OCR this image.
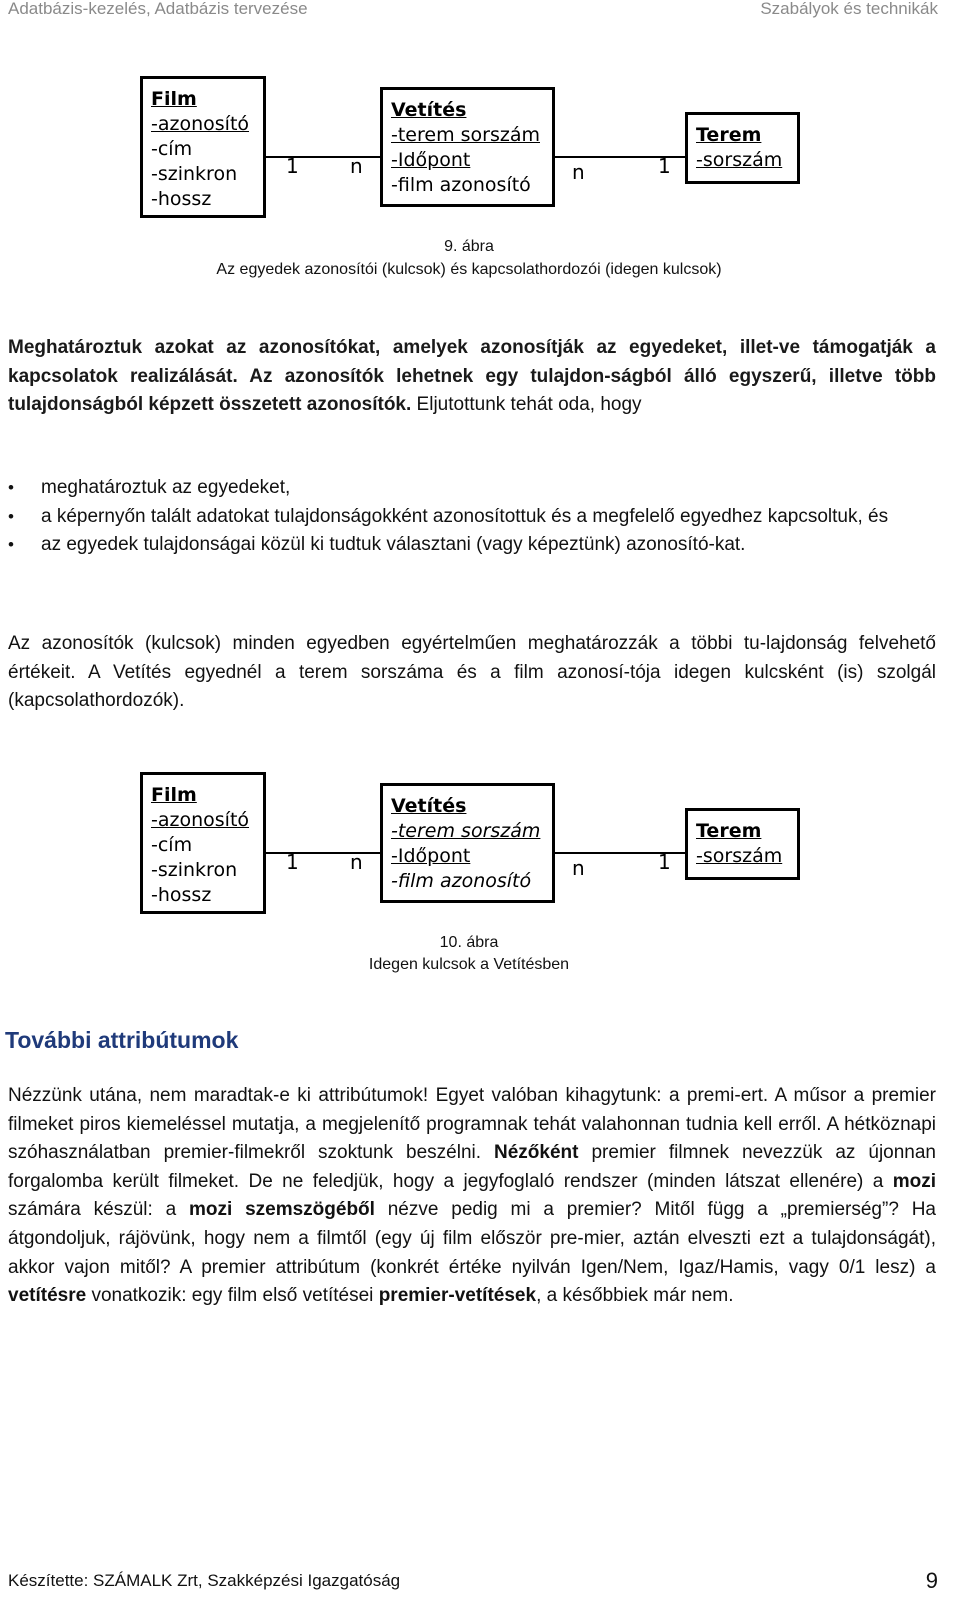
Adatbázis-kezelés, Adatbázis tervezése	Szabályok és technikák
Film
-azonosító
-cím
-szinkron
-hossz
1	n
Vetítés
-terem sorszám
-Időpont
-film azonosító
n	1
Terem
-sorszám
9. ábra
Az egyedek azonosítói (kulcsok) és kapcsolathordozói (idegen kulcsok)
Meghatároztuk azokat az azonosítókat, amelyek azonosítják az egyedeket, illet-ve támogatják a kapcsolatok realizálását. Az azonosítók lehetnek egy tulajdon-ságból álló egyszerű, illetve több tulajdonságból képzett összetett azonosítók. Eljutottunk tehát oda, hogy
• meghatároztuk az egyedeket,
• a képernyőn talált adatokat tulajdonságokként azonosítottuk és a megfelelő egyedhez kapcsoltuk, és
• az egyedek tulajdonságai közül ki tudtuk választani (vagy képeztünk) azonosító-kat.
Az azonosítók (kulcsok) minden egyedben egyértelműen meghatározzák a többi tu-lajdonság felvehető értékeit. A Vetítés egyednél a terem sorszáma és a film azonosí-tója idegen kulcsként (is) szolgál (kapcsolathordozók).
Film
-azonosító
-cím
-szinkron
-hossz
1	n
Vetítés
-terem sorszám
-Időpont
-film azonosító
n	1
Terem
-sorszám
10. ábra
Idegen kulcsok a Vetítésben
További attribútumok
Nézzünk utána, nem maradtak-e ki attribútumok! Egyet valóban kihagytunk: a premi-ert. A műsor a premier filmeket piros kiemeléssel mutatja, a megjelenítő programnak tehát valahonnan tudnia kell erről. A hétköznapi szóhasználatban premier-filmekről szoktunk beszélni. Nézőként premier filmnek nevezzük az újonnan forgalomba került filmeket. De ne feledjük, hogy a jegyfoglaló rendszer (minden látszat ellenére) a mozi számára készül: a mozi szemszögéből nézve pedig mi a premier? Mitől függ a „premierség”? Ha átgondoljuk, rájövünk, hogy nem a filmtől (egy új film először pre-mier, aztán elveszti ezt a tulajdonságát), akkor vajon mitől? A premier attribútum (konkrét értéke nyilván Igen/Nem, Igaz/Hamis, vagy 0/1 lesz) a vetítésre vonatkozik: egy film első vetítései premier-vetítések, a későbbiek már nem.
Készítette: SZÁMALK Zrt, Szakképzési Igazgatóság	9
